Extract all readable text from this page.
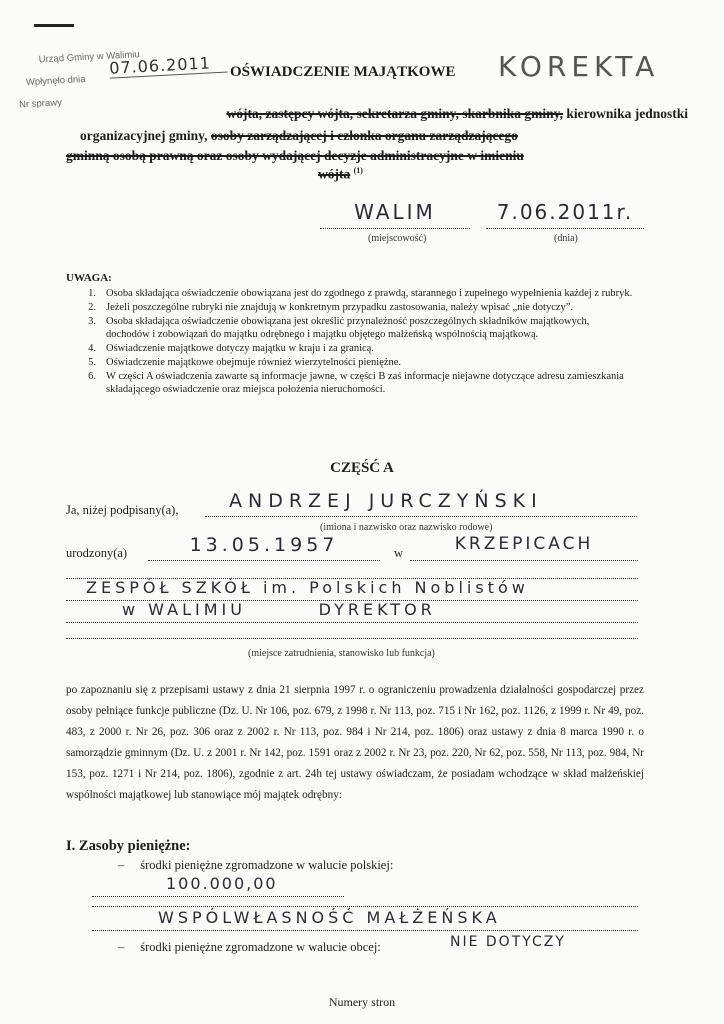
Urząd Gminy w Walimiu
Wpłynęło dnia
07.06.2011
Nr sprawy
OŚWIADCZENIE MAJĄTKOWE KOREKTA
wójta, zastępcy wójta, sekretarza gminy, skarbnika gminy, kierownika jednostki
organizacyjnej gminy, osoby zarządzającej i członka organu zarządzającego
gminną osobą prawną oraz osoby wydającej decyzje administracyjne w imieniu
wójta $^{(1)}$
WALIM	7.06.2011r.
(miejscowość)	(dnia)
UWAGA:
1. Osoba składająca oświadczenie obowiązana jest do zgodnego z prawdą, starannego i zupełnego wypełnienia każdej z rubryk.
2. Jeżeli poszczególne rubryki nie znajdują w konkretnym przypadku zastosowania, należy wpisać „nie dotyczy”.
3. Osoba składająca oświadczenie obowiązana jest określić przynależność poszczególnych składników majątkowych, dochodów i zobowiązań do majątku odrębnego i majątku objętego małżeńską wspólnością majątkową.
4. Oświadczenie majątkowe dotyczy majątku w kraju i za granicą.
5. Oświadczenie majątkowe obejmuje również wierzytelności pieniężne.
6. W części A oświadczenia zawarte są informacje jawne, w części B zaś informacje niejawne dotyczące adresu zamieszkania składającego oświadczenie oraz miejsca położenia nieruchomości.
CZĘŚĆ A
Ja, niżej podpisany(a),	ANDRZEJ JURCZYŃSKI
(imiona i nazwisko oraz nazwisko rodowe)
urodzony(a)	13.05.1957	w	KRZEPICACH
ZESPÓŁ SZKÓŁ im. Polskich Noblistów
w WALIMIU        DYREKTOR
(miejsce zatrudnienia, stanowisko lub funkcja)
po zapoznaniu się z przepisami ustawy z dnia 21 sierpnia 1997 r. o ograniczeniu prowadzenia działalności gospodarczej przez osoby pełniące funkcje publiczne (Dz. U. Nr 106, poz. 679, z 1998 r. Nr 113, poz. 715 i Nr 162, poz. 1126, z 1999 r. Nr 49, poz. 483, z 2000 r. Nr 26, poz. 306 oraz z 2002 r. Nr 113, poz. 984 i Nr 214, poz. 1806) oraz ustawy z dnia 8 marca 1990 r. o samorządzie gminnym (Dz. U. z 2001 r. Nr 142, poz. 1591 oraz z 2002 r. Nr 23, poz. 220, Nr 62, poz. 558, Nr 113, poz. 984, Nr 153, poz. 1271 i Nr 214, poz. 1806), zgodnie z art. 24h tej ustawy oświadczam, że posiadam wchodzące w skład małżeńskiej wspólności majątkowej lub stanowiące mój majątek odrębny:
I. Zasoby pieniężne:
– środki pieniężne zgromadzone w walucie polskiej:
100.000,00
WSPÓLWŁASNOŚĆ MAŁŻEŃSKA
– środki pieniężne zgromadzone w walucie obcej:	NIE DOTYCZY
Numery stron
